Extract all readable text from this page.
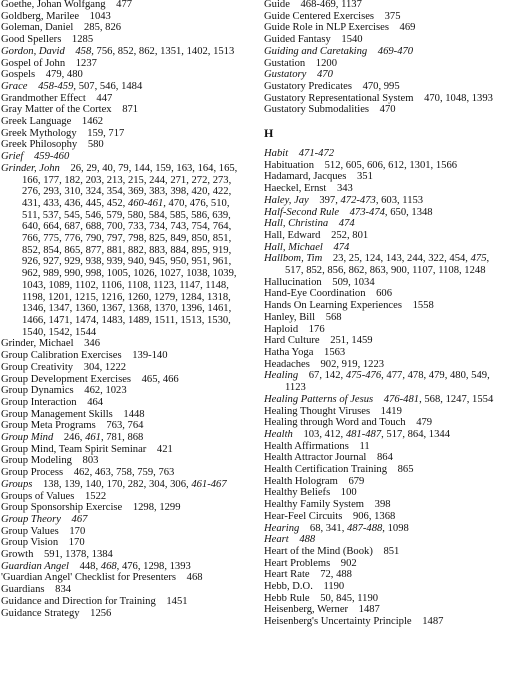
Goethe, Johan Wolfgang   477
Goldberg, Marilee   1043
Goleman, Daniel   285, 826
Good Spellers   1285
Gordon, David   458, 756, 852, 862, 1351, 1402, 1513
Gospel of John   1237
Gospels   479, 480
Grace   458-459, 507, 546, 1484
Grandmother Effect   447
Gray Matter of the Cortex   871
Greek Language   1462
Greek Mythology   159, 717
Greek Philosophy   580
Grief   459-460
Grinder, John   26, 29, 40, 79, 144, 159, 163, 164, 165, 166, 177, 182, 203, 213, 215, 244, 271, 272, 273, 276, 293, 310, 324, 354, 369, 383, 398, 420, 422, 431, 433, 436, 445, 452, 460-461, 470, 476, 510, 511, 537, 545, 546, 579, 580, 584, 585, 586, 639, 640, 664, 687, 688, 700, 733, 734, 743, 754, 764, 766, 775, 776, 790, 797, 798, 825, 849, 850, 851, 852, 854, 865, 877, 881, 882, 883, 884, 895, 919, 926, 927, 929, 938, 939, 940, 945, 950, 951, 961, 962, 989, 990, 998, 1005, 1026, 1027, 1038, 1039, 1043, 1089, 1102, 1106, 1108, 1123, 1147, 1148, 1198, 1201, 1215, 1216, 1260, 1279, 1284, 1318, 1346, 1347, 1360, 1367, 1368, 1370, 1396, 1461, 1466, 1471, 1474, 1483, 1489, 1511, 1513, 1530, 1540, 1542, 1544
Grinder, Michael   346
Group Calibration Exercises   139-140
Group Creativity   304, 1222
Group Development Exercises   465, 466
Group Dynamics   462, 1023
Group Interaction   464
Group Management Skills   1448
Group Meta Programs   763, 764
Group Mind   246, 461, 781, 868
Group Mind, Team Spirit Seminar   421
Group Modeling   803
Group Process   462, 463, 758, 759, 763
Groups   138, 139, 140, 170, 282, 304, 306, 461-467
Groups of Values   1522
Group Sponsorship Exercise   1298, 1299
Group Theory   467
Group Values   170
Group Vision   170
Growth   591, 1378, 1384
Guardian Angel   448, 468, 476, 1298, 1393
'Guardian Angel' Checklist for Presenters   468
Guardians   834
Guidance and Direction for Training   1451
Guidance Strategy   1256
Guide   468-469, 1137
Guide Centered Exercises   375
Guide Role in NLP Exercises   469
Guided Fantasy   1540
Guiding and Caretaking   469-470
Gustation   1200
Gustatory   470
Gustatory Predicates   470, 995
Gustatory Representational System   470, 1048, 1393
Gustatory Submodalities   470
H
Habit   471-472
Habituation   512, 605, 606, 612, 1301, 1566
Hadamard, Jacques   351
Haeckel, Ernst   343
Haley, Jay   397, 472-473, 603, 1153
Half-Second Rule   473-474, 650, 1348
Hall, Christina   474
Hall, Edward   252, 801
Hall, Michael   474
Hallbom, Tim   23, 25, 124, 143, 244, 322, 454, 475, 517, 852, 856, 862, 863, 900, 1107, 1108, 1248
Hallucination   509, 1034
Hand-Eye Coordination   606
Hands On Learning Experiences   1558
Hanley, Bill   568
Haploid   176
Hard Culture   251, 1459
Hatha Yoga   1563
Headaches   902, 919, 1223
Healing   67, 142, 475-476, 477, 478, 479, 480, 549, 1123
Healing Patterns of Jesus   476-481, 568, 1247, 1554
Healing Thought Viruses   1419
Healing through Word and Touch   479
Health   103, 412, 481-487, 517, 864, 1344
Health Affirmations   11
Health Attractor Journal   864
Health Certification Training   865
Health Hologram   679
Healthy Beliefs   100
Healthy Family System   398
Hear-Feel Circuits   906, 1368
Hearing   68, 341, 487-488, 1098
Heart   488
Heart of the Mind (Book)   851
Heart Problems   902
Heart Rate   72, 488
Hebb, D.O.   1190
Hebb Rule   50, 845, 1190
Heisenberg, Werner   1487
Heisenberg's Uncertainty Principle   1487
